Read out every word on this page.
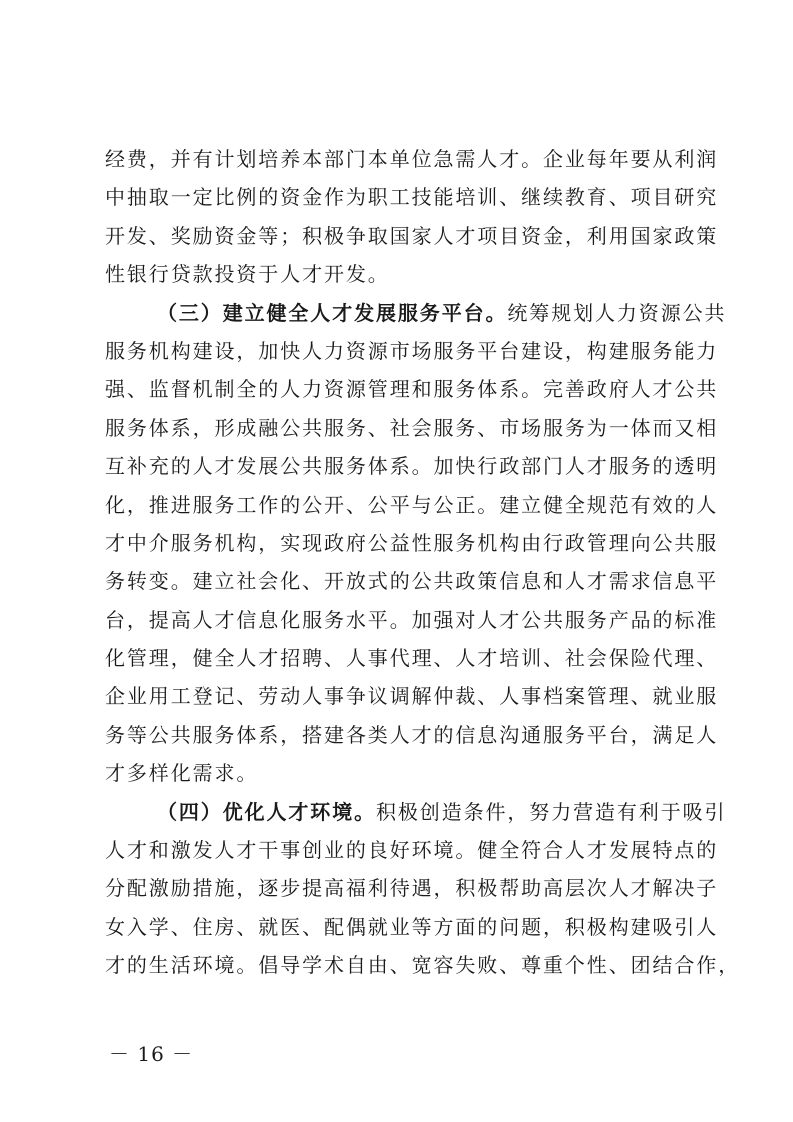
经费，并有计划培养本部门本单位急需人才。企业每年要从利润
中抽取一定比例的资金作为职工技能培训、继续教育、项目研究
开发、奖励资金等；积极争取国家人才项目资金，利用国家政策
性银行贷款投资于人才开发。
（三）建立健全人才发展服务平台。统筹规划人力资源公共
服务机构建设，加快人力资源市场服务平台建设，构建服务能力
强、监督机制全的人力资源管理和服务体系。完善政府人才公共
服务体系，形成融公共服务、社会服务、市场服务为一体而又相
互补充的人才发展公共服务体系。加快行政部门人才服务的透明
化，推进服务工作的公开、公平与公正。建立健全规范有效的人
才中介服务机构，实现政府公益性服务机构由行政管理向公共服
务转变。建立社会化、开放式的公共政策信息和人才需求信息平
台，提高人才信息化服务水平。加强对人才公共服务产品的标准
化管理，健全人才招聘、人事代理、人才培训、社会保险代理、
企业用工登记、劳动人事争议调解仲裁、人事档案管理、就业服
务等公共服务体系，搭建各类人才的信息沟通服务平台，满足人
才多样化需求。
（四）优化人才环境。积极创造条件，努力营造有利于吸引
人才和激发人才干事创业的良好环境。健全符合人才发展特点的
分配激励措施，逐步提高福利待遇，积极帮助高层次人才解决子
女入学、住房、就医、配偶就业等方面的问题，积极构建吸引人
才的生活环境。倡导学术自由、宽容失败、尊重个性、团结合作，
－ 16 －
